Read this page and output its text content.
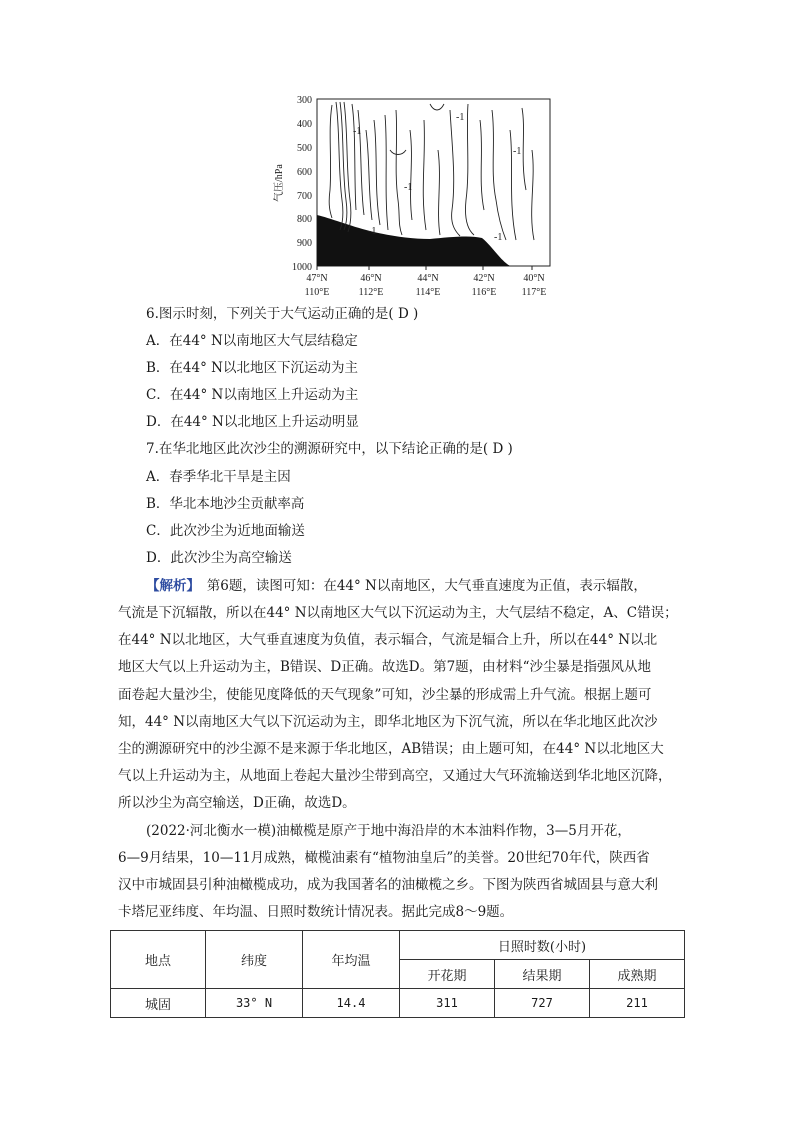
-1
-1
-1
-1
-1
-1
300
400
500
600
700
800
900
1000
气压/hPa
47°N
110°E
46°N
112°E
44°N
114°E
42°N
116°E
40°N
117°E
6.图示时刻，下列关于大气运动正确的是( D )
A．在44° N以南地区大气层结稳定
B．在44° N以北地区下沉运动为主
C．在44° N以南地区上升运动为主
D．在44° N以北地区上升运动明显
7.在华北地区此次沙尘的溯源研究中，以下结论正确的是( D )
A．春季华北干旱是主因
B．华北本地沙尘贡献率高
C．此次沙尘为近地面输送
D．此次沙尘为高空输送
【解析】　第6题，读图可知：在44° N以南地区，大气垂直速度为正值，表示辐散，
气流是下沉辐散，所以在44° N以南地区大气以下沉运动为主，大气层结不稳定，A、C错误；
在44° N以北地区，大气垂直速度为负值，表示辐合，气流是辐合上升，所以在44° N以北
地区大气以上升运动为主，B错误、D正确。故选D。第7题，由材料“沙尘暴是指强风从地
面卷起大量沙尘，使能见度降低的天气现象”可知，沙尘暴的形成需上升气流。根据上题可
知，44° N以南地区大气以下沉运动为主，即华北地区为下沉气流，所以在华北地区此次沙
尘的溯源研究中的沙尘源不是来源于华北地区，AB错误；由上题可知，在44° N以北地区大
气以上升运动为主，从地面上卷起大量沙尘带到高空，又通过大气环流输送到华北地区沉降，
所以沙尘为高空输送，D正确，故选D。
(2022·河北衡水一模)油橄榄是原产于地中海沿岸的木本油料作物，3—5月开花，
6—9月结果，10—11月成熟，橄榄油素有“植物油皇后”的美誉。20世纪70年代，陕西省
汉中市城固县引种油橄榄成功，成为我国著名的油橄榄之乡。下图为陕西省城固县与意大利
卡塔尼亚纬度、年均温、日照时数统计情况表。据此完成8～9题。
地点	纬度	年均温	日照时数(小时)		
			开花期	结果期	成熟期
城固	33° N	14.4	311	727	211
